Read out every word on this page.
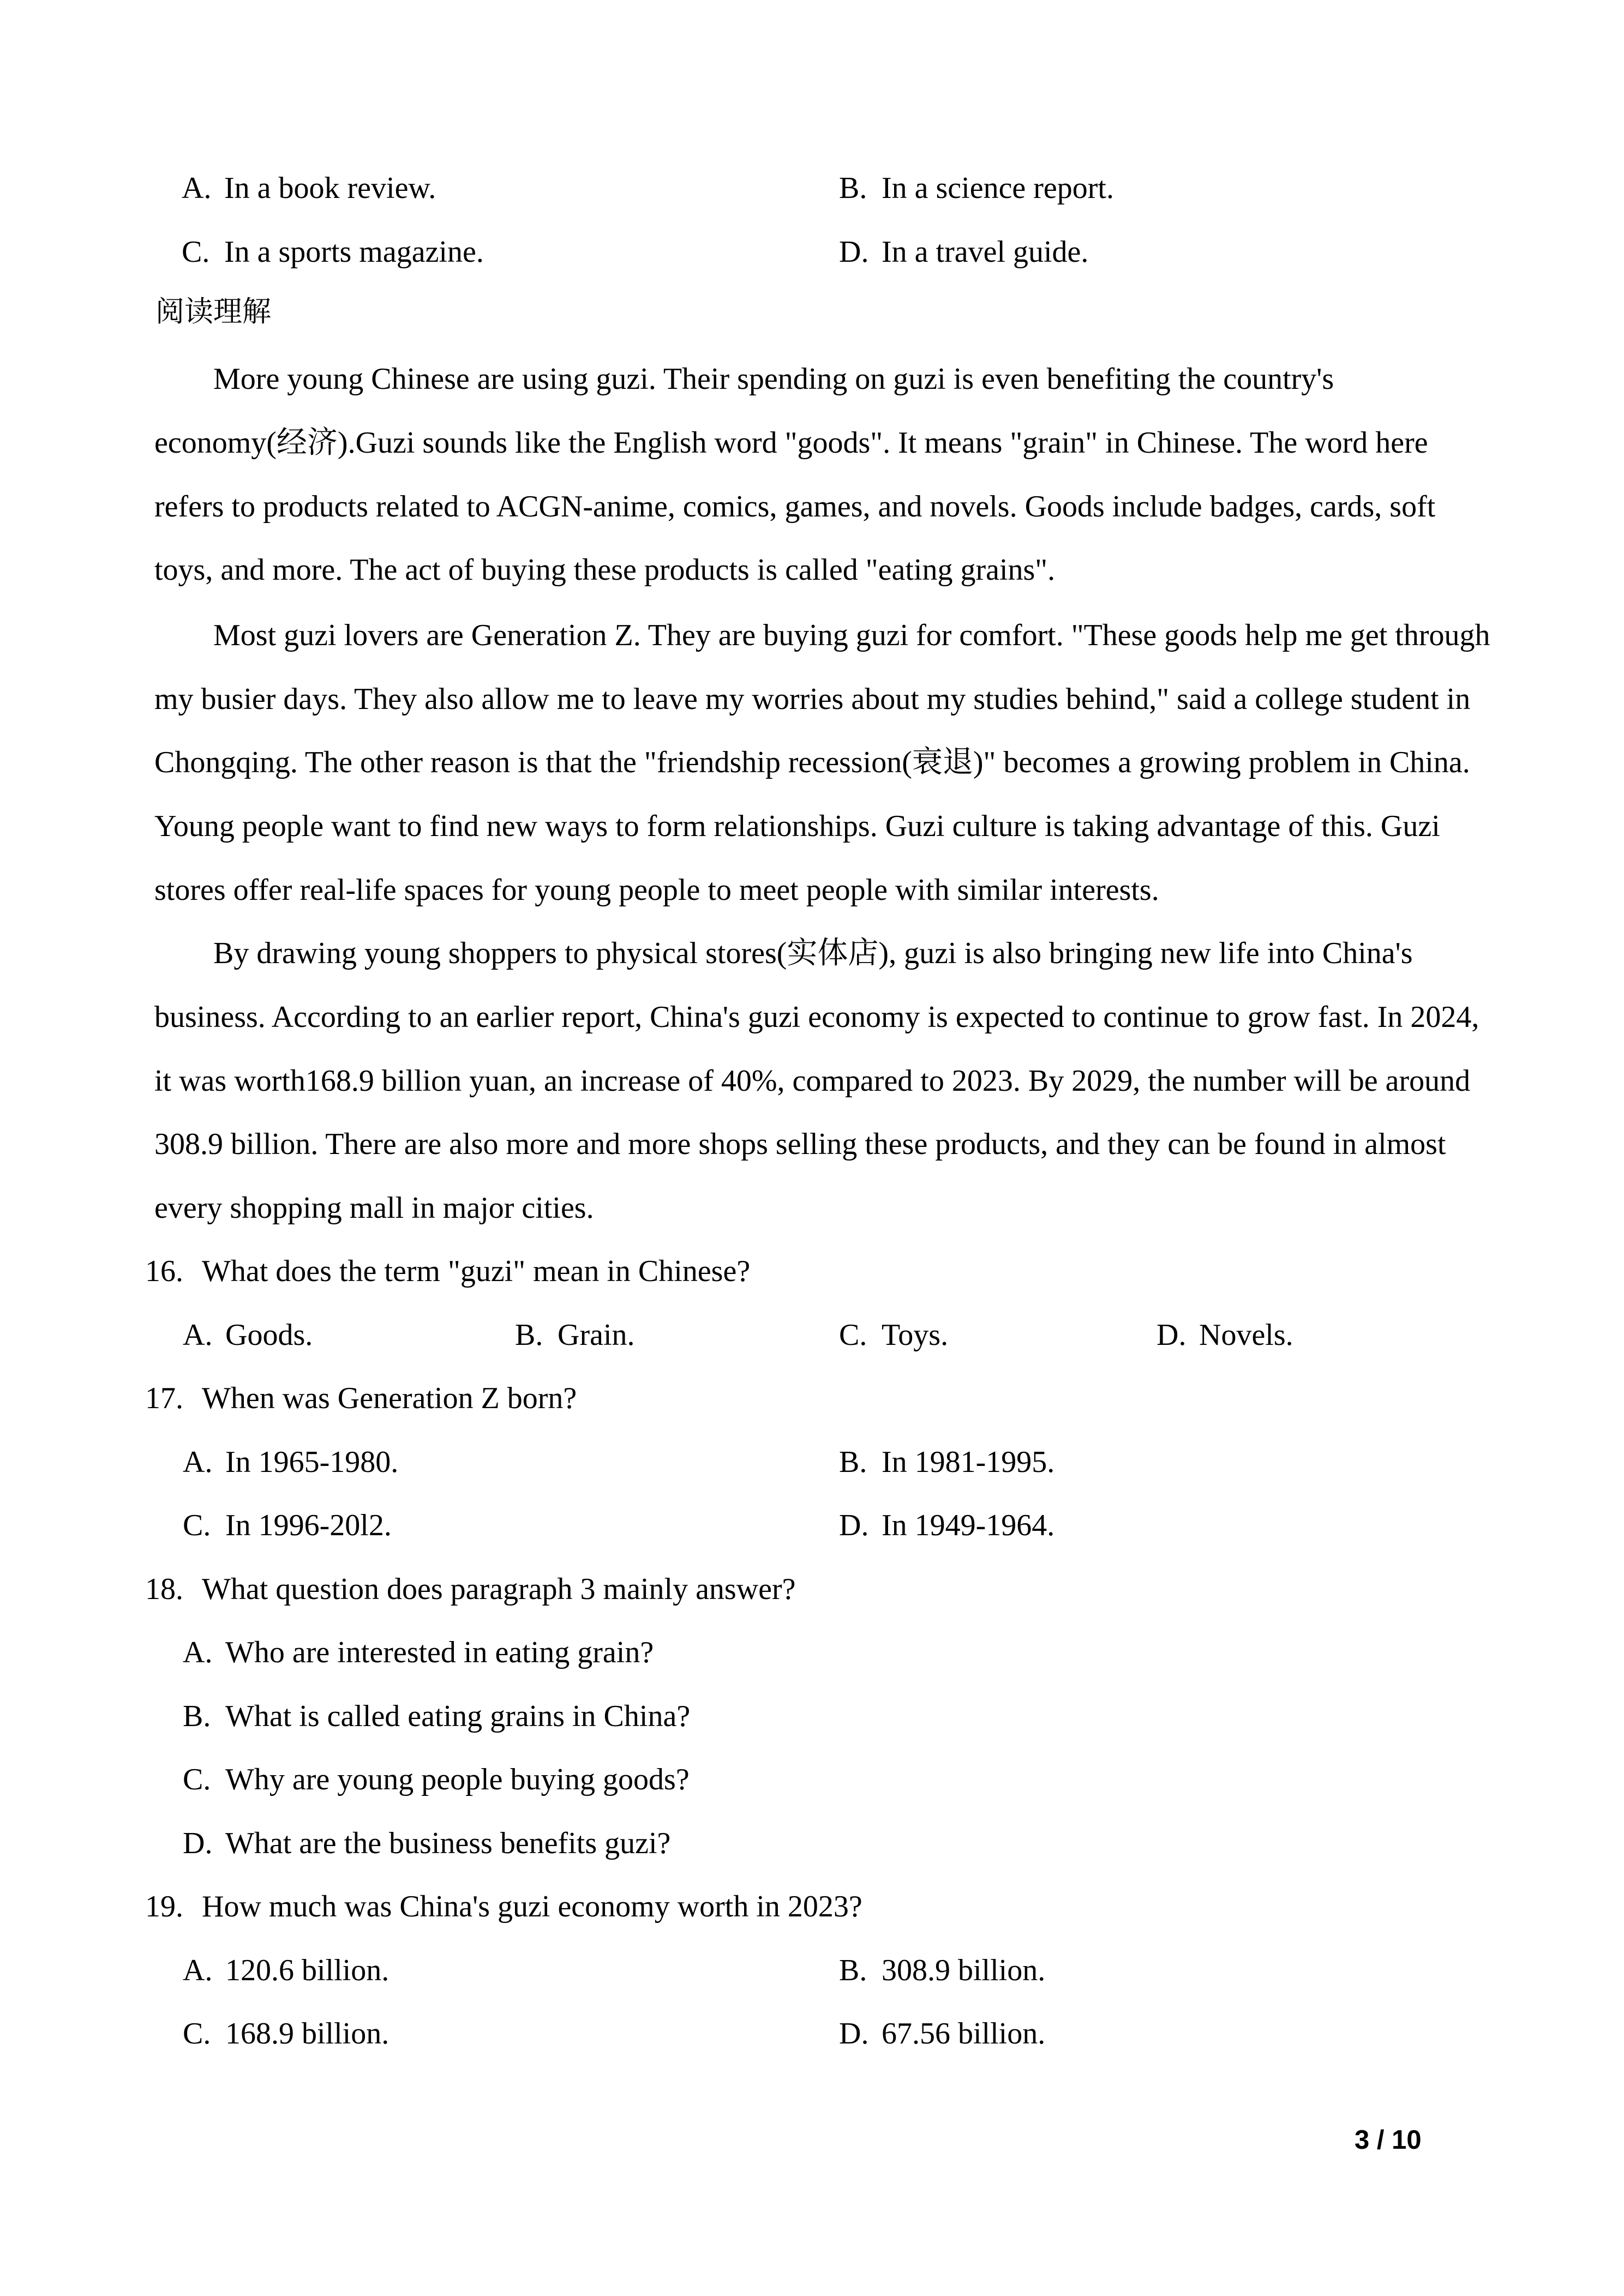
A. In a book review.	B. In a science report.
C. In a sports magazine.	D. In a travel guide.
阅读理解
More young Chinese are using guzi. Their spending on guzi is even benefiting the country's
economy(经济).Guzi sounds like the English word "goods". It means "grain" in Chinese. The word here
refers to products related to ACGN-anime, comics, games, and novels. Goods include badges, cards, soft
toys, and more. The act of buying these products is called "eating grains".
Most guzi lovers are Generation Z. They are buying guzi for comfort. "These goods help me get through
my busier days. They also allow me to leave my worries about my studies behind," said a college student in
Chongqing. The other reason is that the "friendship recession(衰退)" becomes a growing problem in China.
Young people want to find new ways to form relationships. Guzi culture is taking advantage of this. Guzi
stores offer real-life spaces for young people to meet people with similar interests.
By drawing young shoppers to physical stores(实体店), guzi is also bringing new life into China's
business. According to an earlier report, China's guzi economy is expected to continue to grow fast. In 2024,
it was worth168.9 billion yuan, an increase of 40%, compared to 2023. By 2029, the number will be around
308.9 billion. There are also more and more shops selling these products, and they can be found in almost
every shopping mall in major cities.
16. What does the term "guzi" mean in Chinese?
A. Goods.	B. Grain.	C. Toys.	D. Novels.
17. When was Generation Z born?
A. In 1965-1980.	B. In 1981-1995.
C. In 1996-20l2.	D. In 1949-1964.
18. What question does paragraph 3 mainly answer?
A. Who are interested in eating grain?
B. What is called eating grains in China?
C. Why are young people buying goods?
D. What are the business benefits guzi?
19. How much was China's guzi economy worth in 2023?
A. 120.6 billion.	B. 308.9 billion.
C. 168.9 billion.	D. 67.56 billion.
3 / 10
